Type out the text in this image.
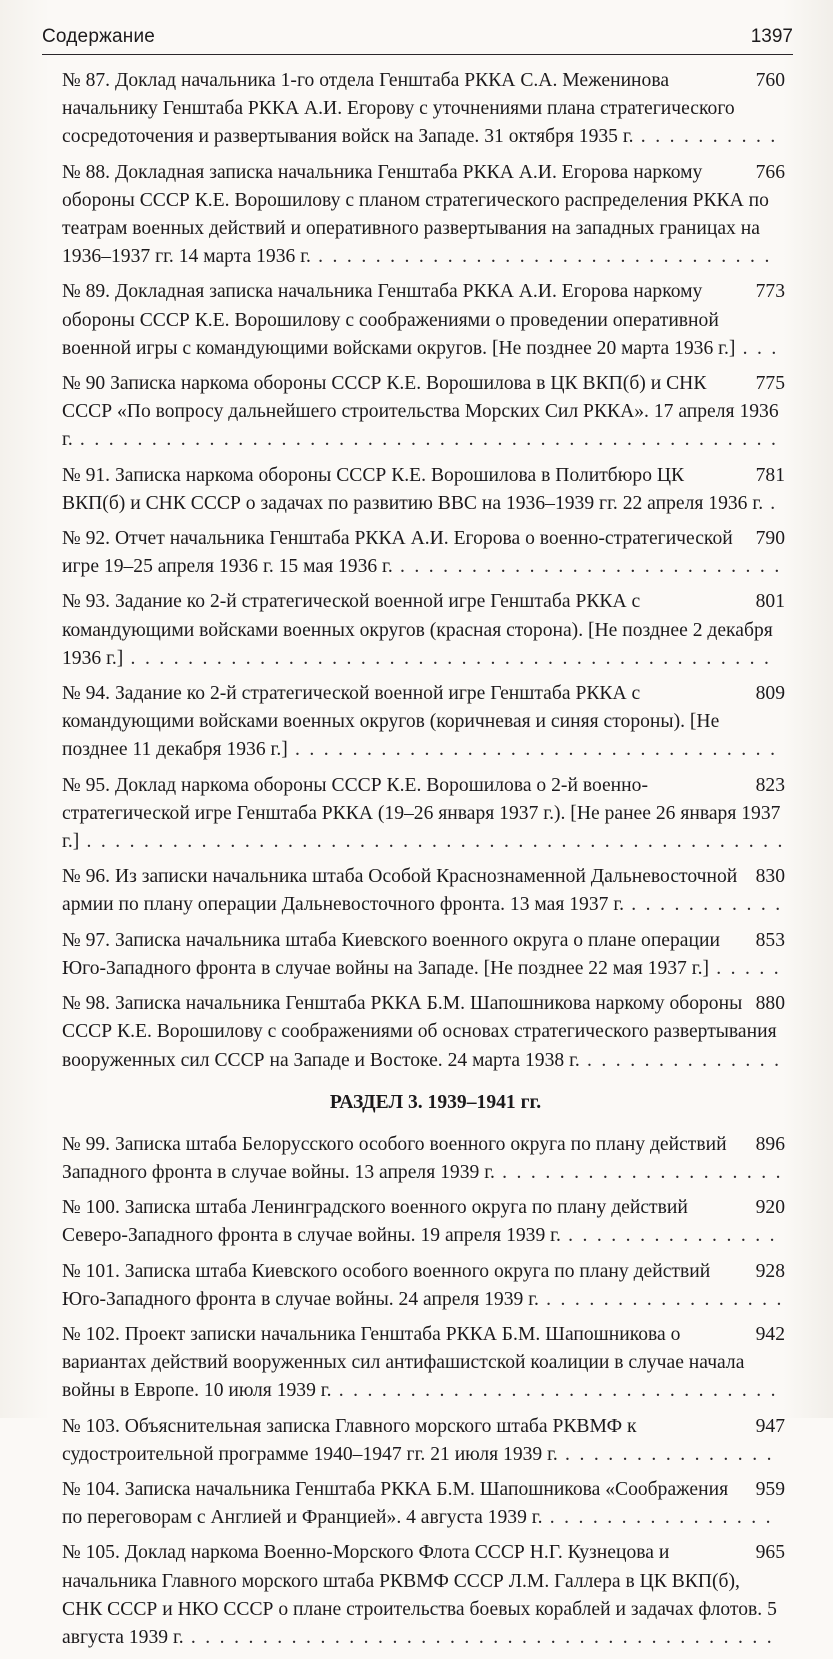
Содержание	1397
760
№ 87. Доклад начальника 1-го отдела Генштаба РККА С.А. Меженинова начальнику Генштаба РККА А.И. Егорову с уточнениями плана стратегического сосредоточения и развертывания войск на Западе. 31 октября 1935 г. . . . . . . . . . .
766
№ 88. Докладная записка начальника Генштаба РККА А.И. Егорова наркому обороны СССР К.Е. Ворошилову с планом стратегического распределения РККА по театрам военных действий и оперативного развертывания на западных границах на 1936–1937 гг. 14 марта 1936 г. . . . . . . . . . . . . . . . . . . . . . . . . . . . . . . . .
773
№ 89. Докладная записка начальника Генштаба РККА А.И. Егорова наркому обороны СССР К.Е. Ворошилову с соображениями о проведении оперативной военной игры с командующими войсками округов. [Не позднее 20 марта 1936 г.] . . .
775
№ 90 Записка наркома обороны СССР К.Е. Ворошилова в ЦК ВКП(б) и СНК СССР «По вопросу дальнейшего строительства Морских Сил РККА». 17 апреля 1936 г. . . . . . . . . . . . . . . . . . . . . . . . . . . . . . . . . . . . . . . . . . . . . . . . . .
781
№ 91. Записка наркома обороны СССР К.Е. Ворошилова в Политбюро ЦК ВКП(б) и СНК СССР о задачах по развитию ВВС на 1936–1939 гг. 22 апреля 1936 г. .
790
№ 92. Отчет начальника Генштаба РККА А.И. Егорова о военно-стратегической игре 19–25 апреля 1936 г. 15 мая 1936 г. . . . . . . . . . . . . . . . . . . . . . . . . . . .
801
№ 93. Задание ко 2-й стратегической военной игре Генштаба РККА с командующими войсками военных округов (красная сторона). [Не позднее 2 декабря 1936 г.] . . . . . . . . . . . . . . . . . . . . . . . . . . . . . . . . . . . . . . . . . . . . .
809
№ 94. Задание ко 2-й стратегической военной игре Генштаба РККА с командующими войсками военных округов (коричневая и синяя стороны). [Не позднее 11 декабря 1936 г.] . . . . . . . . . . . . . . . . . . . . . . . . . . . . . . . . . .
823
№ 95. Доклад наркома обороны СССР К.Е. Ворошилова о 2-й военно-стратегической игре Генштаба РККА (19–26 января 1937 г.). [Не ранее 26 января 1937 г.] . . . . . . . . . . . . . . . . . . . . . . . . . . . . . . . . . . . . . . . . . . . . . . . . .
830
№ 96. Из записки начальника штаба Особой Краснознаменной Дальневосточной армии по плану операции Дальневосточного фронта. 13 мая 1937 г. . . . . . . . . . . .
853
№ 97. Записка начальника штаба Киевского военного округа о плане операции Юго-Западного фронта в случае войны на Западе. [Не позднее 22 мая 1937 г.] . . . . .
880
№ 98. Записка начальника Генштаба РККА Б.М. Шапошникова наркому обороны СССР К.Е. Ворошилову с соображениями об основах стратегического развертывания вооруженных сил СССР на Западе и Востоке. 24 марта 1938 г. . . . . . . . . . . . . . .
РАЗДЕЛ 3. 1939–1941 гг.
896
№ 99. Записка штаба Белорусского особого военного округа по плану действий Западного фронта в случае войны. 13 апреля 1939 г. . . . . . . . . . . . . . . . . . . . .
920
№ 100. Записка штаба Ленинградского военного округа по плану действий Северо-Западного фронта в случае войны. 19 апреля 1939 г. . . . . . . . . . . . . . . .
928
№ 101. Записка штаба Киевского особого военного округа по плану действий Юго-Западного фронта в случае войны. 24 апреля 1939 г. . . . . . . . . . . . . . . . . .
942
№ 102. Проект записки начальника Генштаба РККА Б.М. Шапошникова о вариантах действий вооруженных сил антифашистской коалиции в случае начала войны в Европе. 10 июля 1939 г. . . . . . . . . . . . . . . . . . . . . . . . . . . . . . . .
947
№ 103. Объяснительная записка Главного морского штаба РКВМФ к судостроительной программе 1940–1947 гг. 21 июля 1939 г. . . . . . . . . . . . . . . .
959
№ 104. Записка начальника Генштаба РККА Б.М. Шапошникова «Соображения по переговорам с Англией и Францией». 4 августа 1939 г. . . . . . . . . . . . . . . . .
965
№ 105. Доклад наркома Военно-Морского Флота СССР Н.Г. Кузнецова и начальника Главного морского штаба РКВМФ СССР Л.М. Галлера в ЦК ВКП(б), СНК СССР и НКО СССР о плане строительства боевых кораблей и задачах флотов. 5 августа 1939 г. . . . . . . . . . . . . . . . . . . . . . . . . . . . . . . . . . . . . . . . . .
